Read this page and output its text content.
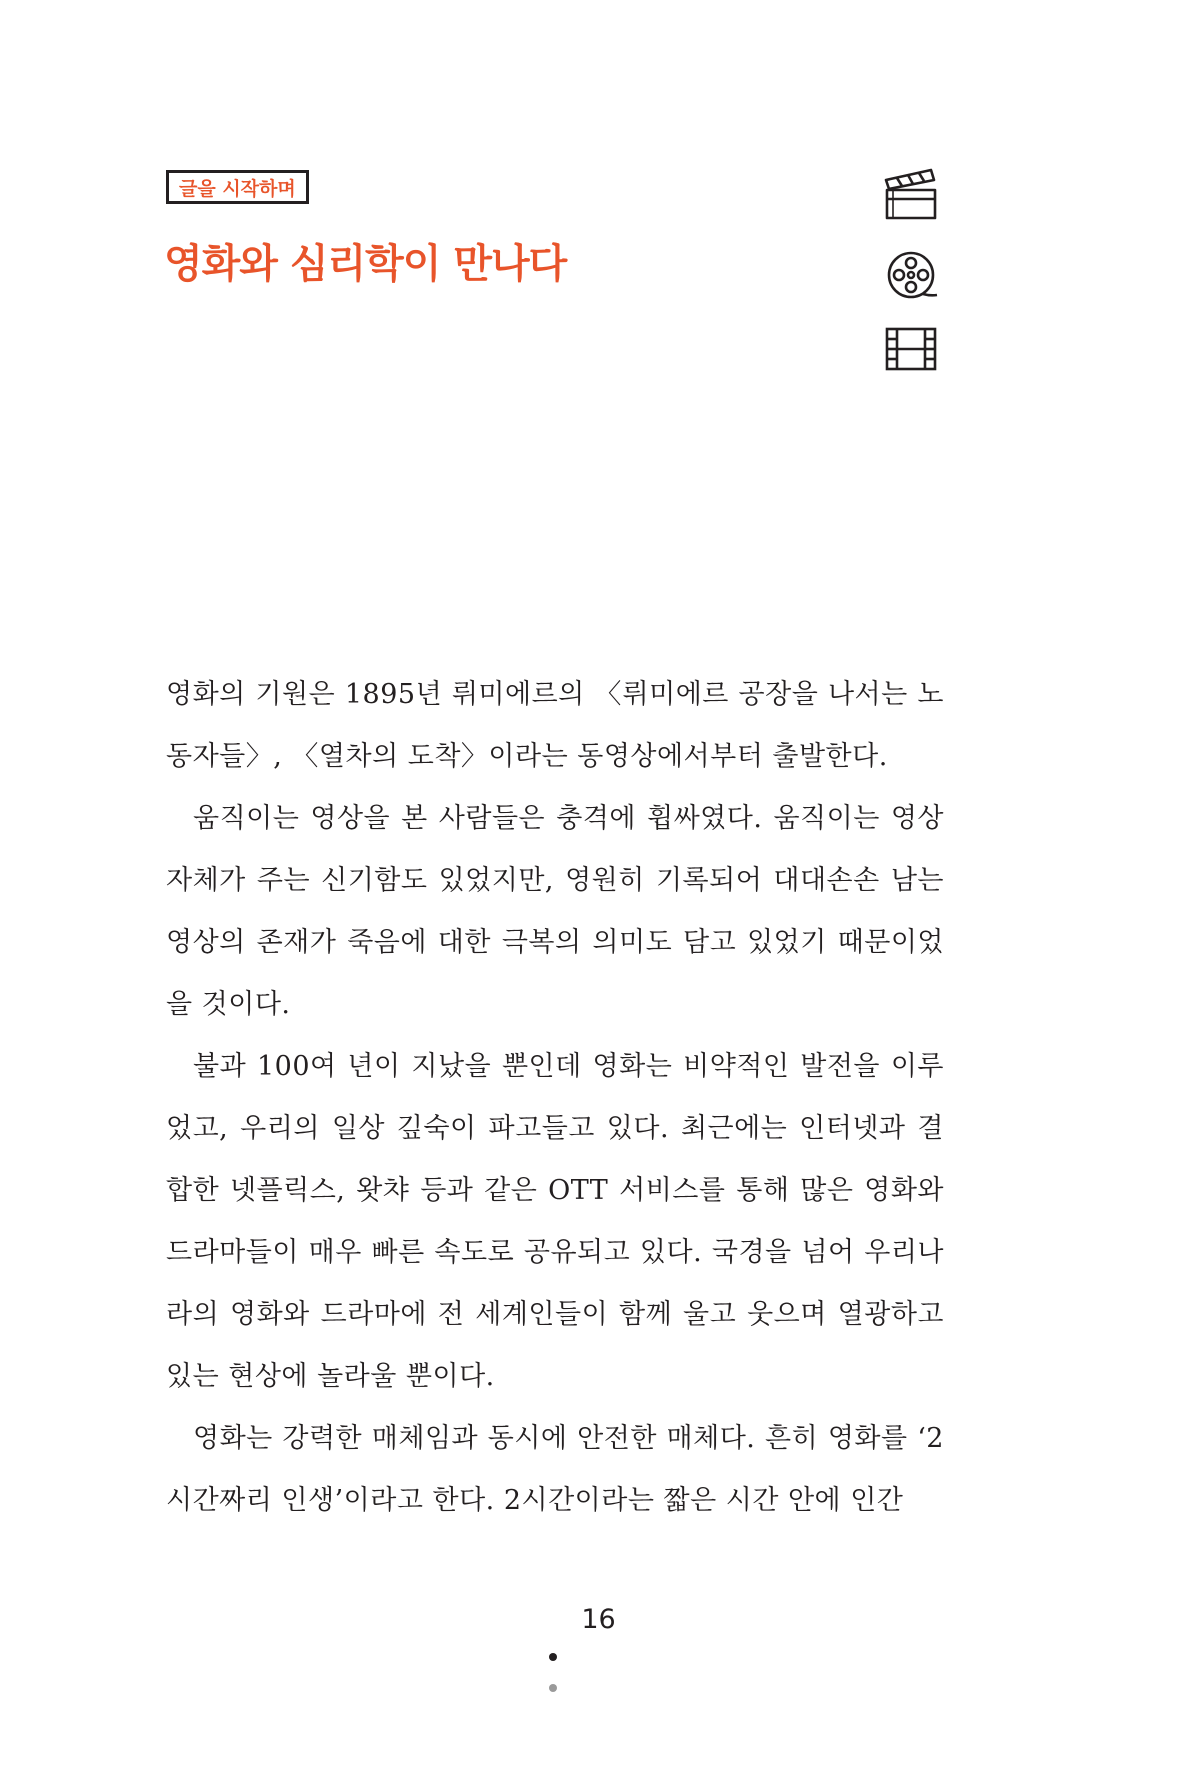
글을 시작하며
영화와 심리학이 만나다

영화의 기원은 1895년 뤼미에르의 〈뤼미에르 공장을 나서는 노동자들〉, 〈열차의 도착〉이라는 동영상에서부터 출발한다.

움직이는 영상을 본 사람들은 충격에 휩싸였다. 움직이는 영상 자체가 주는 신기함도 있었지만, 영원히 기록되어 대대손손 남는 영상의 존재가 죽음에 대한 극복의 의미도 담고 있었기 때문이었을 것이다.

불과 100여 년이 지났을 뿐인데 영화는 비약적인 발전을 이루었고, 우리의 일상 깊숙이 파고들고 있다. 최근에는 인터넷과 결합한 넷플릭스, 왓챠 등과 같은 OTT 서비스를 통해 많은 영화와 드라마들이 매우 빠른 속도로 공유되고 있다. 국경을 넘어 우리나라의 영화와 드라마에 전 세계인들이 함께 울고 웃으며 열광하고 있는 현상에 놀라울 뿐이다.

영화는 강력한 매체임과 동시에 안전한 매체다. 흔히 영화를 ‘2시간짜리 인생’이라고 한다. 2시간이라는 짧은 시간 안에 인간

16
